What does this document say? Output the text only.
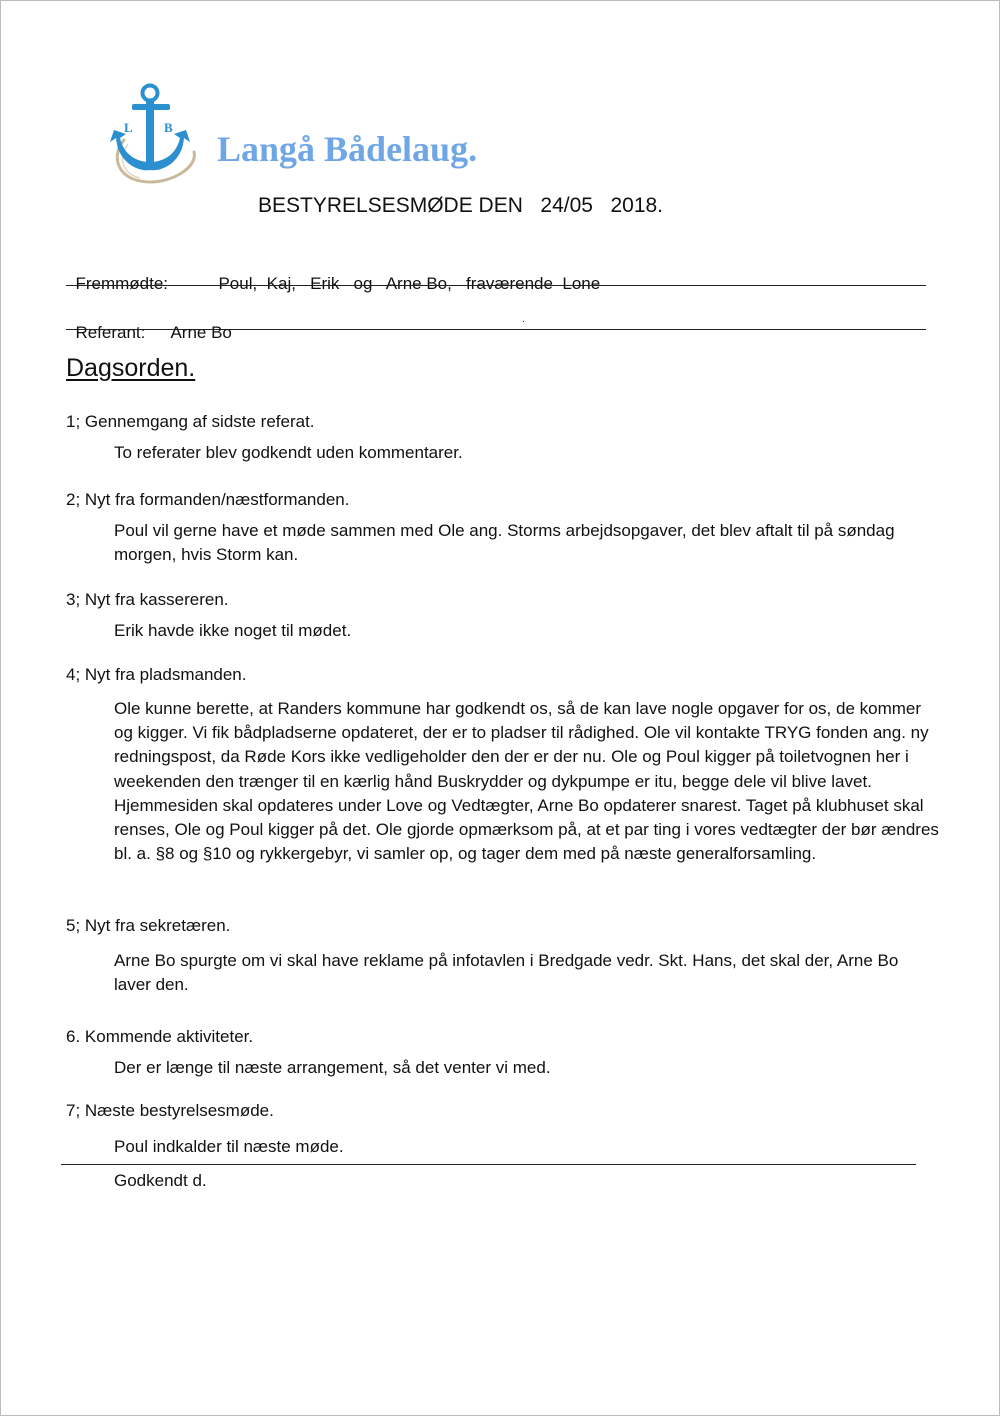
L B
Langå Bådelaug.
BESTYRELSESMØDE DEN   24/05   2018.

Fremmødte:	Poul,  Kaj,   Erik   og   Arne Bo,   fraværende  Lone

Referant: Arne Bo

.
Dagsorden.
1; Gennemgang af sidste referat.
To referater blev godkendt uden kommentarer.
2; Nyt fra formanden/næstformanden.
Poul vil gerne have et møde sammen med Ole ang. Storms arbejdsopgaver, det blev aftalt til på søndag morgen, hvis Storm kan.
3; Nyt fra kassereren.
Erik havde ikke noget til mødet.
4; Nyt fra pladsmanden.
Ole kunne berette, at Randers kommune har godkendt os, så de kan lave nogle opgaver for os, de kommer og kigger. Vi fik bådpladserne opdateret, der er to pladser til rådighed. Ole vil kontakte TRYG fonden ang. ny redningspost, da Røde Kors ikke vedligeholder den der er der nu. Ole og Poul kigger på toiletvognen her i weekenden den trænger til en kærlig hånd Buskrydder og dykpumpe er itu, begge dele vil blive lavet. Hjemmesiden skal opdateres under Love og Vedtægter, Arne Bo opdaterer snarest. Taget på klubhuset skal renses, Ole og Poul kigger på det. Ole gjorde opmærksom på, at et par ting i vores vedtægter der bør ændres bl. a. §8 og §10 og rykkergebyr, vi samler op, og tager dem med på næste generalforsamling.
5; Nyt fra sekretæren.
Arne Bo spurgte om vi skal have reklame på infotavlen i Bredgade vedr. Skt. Hans, det skal der, Arne Bo laver den.
6. Kommende aktiviteter.
Der er længe til næste arrangement, så det venter vi med.
7; Næste bestyrelsesmøde.
Poul indkalder til næste møde.
Godkendt d.
